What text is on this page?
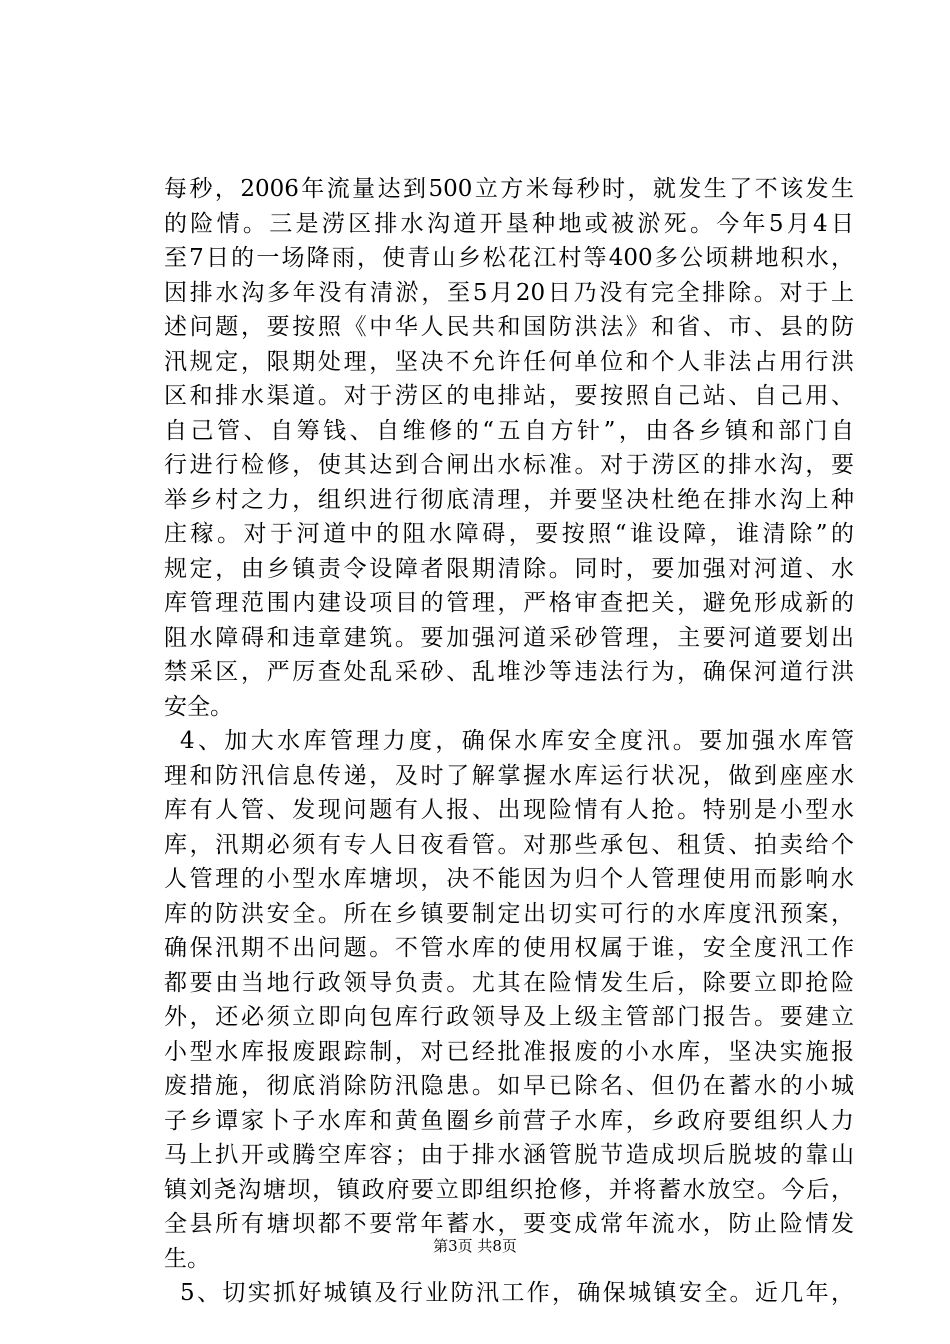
每秒，2006年流量达到500立方米每秒时，就发生了不该发生
的险情。三是涝区排水沟道开垦种地或被淤死。今年5月4日
至7日的一场降雨，使青山乡松花江村等400多公顷耕地积水，
因排水沟多年没有清淤，至5月20日乃没有完全排除。对于上
述问题，要按照《中华人民共和国防洪法》和省、市、县的防
汛规定，限期处理，坚决不允许任何单位和个人非法占用行洪
区和排水渠道。对于涝区的电排站，要按照自己站、自己用、
自己管、自筹钱、自维修的“五自方针”，由各乡镇和部门自
行进行检修，使其达到合闸出水标准。对于涝区的排水沟，要
举乡村之力，组织进行彻底清理，并要坚决杜绝在排水沟上种
庄稼。对于河道中的阻水障碍，要按照“谁设障，谁清除”的
规定，由乡镇责令设障者限期清除。同时，要加强对河道、水
库管理范围内建设项目的管理，严格审查把关，避免形成新的
阻水障碍和违章建筑。要加强河道采砂管理，主要河道要划出
禁采区，严厉查处乱采砂、乱堆沙等违法行为，确保河道行洪
安全。
4、加大水库管理力度，确保水库安全度汛。要加强水库管
理和防汛信息传递，及时了解掌握水库运行状况，做到座座水
库有人管、发现问题有人报、出现险情有人抢。特别是小型水
库，汛期必须有专人日夜看管。对那些承包、租赁、拍卖给个
人管理的小型水库塘坝，决不能因为归个人管理使用而影响水
库的防洪安全。所在乡镇要制定出切实可行的水库度汛预案，
确保汛期不出问题。不管水库的使用权属于谁，安全度汛工作
都要由当地行政领导负责。尤其在险情发生后，除要立即抢险
外，还必须立即向包库行政领导及上级主管部门报告。要建立
小型水库报废跟踪制，对已经批准报废的小水库，坚决实施报
废措施，彻底消除防汛隐患。如早已除名、但仍在蓄水的小城
子乡谭家卜子水库和黄鱼圈乡前营子水库，乡政府要组织人力
马上扒开或腾空库容；由于排水涵管脱节造成坝后脱坡的靠山
镇刘尧沟塘坝，镇政府要立即组织抢修，并将蓄水放空。今后，
全县所有塘坝都不要常年蓄水，要变成常年流水，防止险情发
生。
5、切实抓好城镇及行业防汛工作，确保城镇安全。近几年，
第3页 共8页
